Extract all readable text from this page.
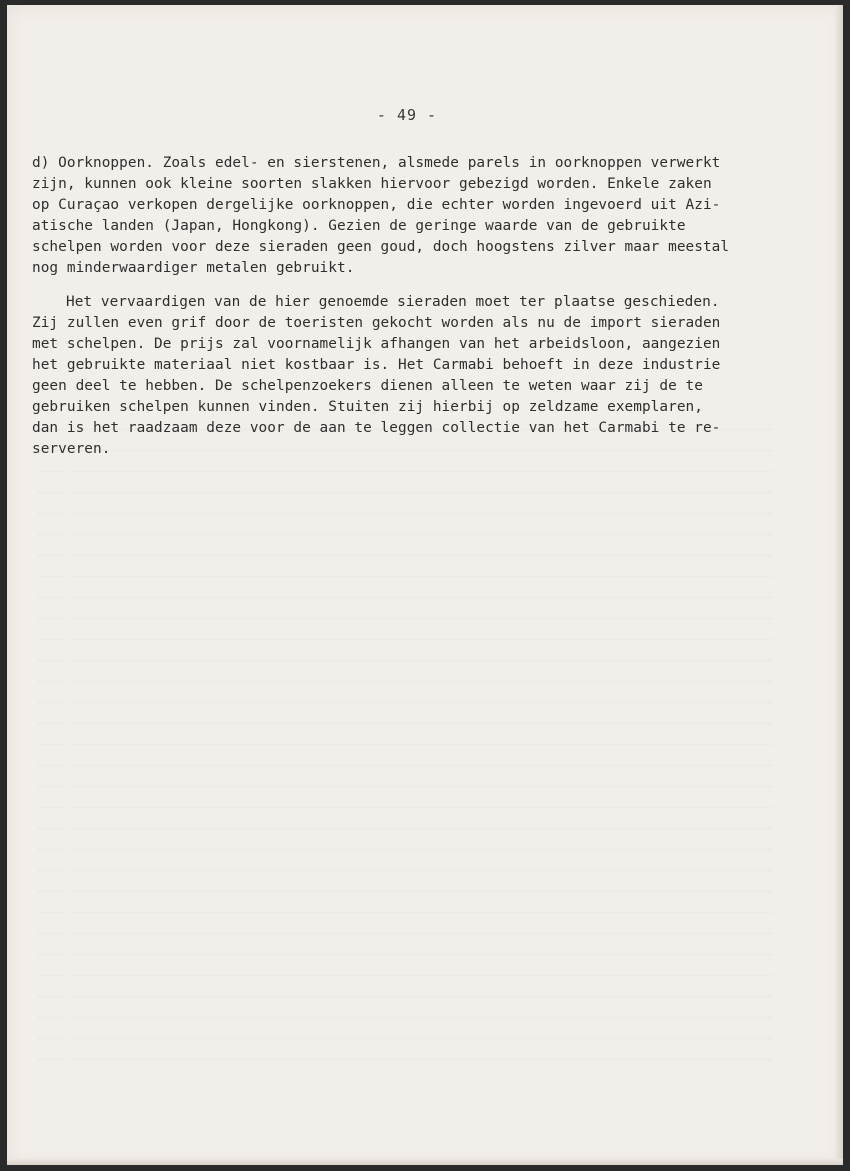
- 49 -
d) Oorknoppen. Zoals edel- en sierstenen, alsmede parels in oorknoppen verwerkt
zijn, kunnen ook kleine soorten slakken hiervoor gebezigd worden. Enkele zaken
op Curaçao verkopen dergelijke oorknoppen, die echter worden ingevoerd uit Azi-
atische landen (Japan, Hongkong). Gezien de geringe waarde van de gebruikte
schelpen worden voor deze sieraden geen goud, doch hoogstens zilver maar meestal
nog minderwaardiger metalen gebruikt.
Het vervaardigen van de hier genoemde sieraden moet ter plaatse geschieden.
Zij zullen even grif door de toeristen gekocht worden als nu de import sieraden
met schelpen. De prijs zal voornamelijk afhangen van het arbeidsloon, aangezien
het gebruikte materiaal niet kostbaar is. Het Carmabi behoeft in deze industrie
geen deel te hebben. De schelpenzoekers dienen alleen te weten waar zij de te
gebruiken schelpen kunnen vinden. Stuiten zij hierbij op zeldzame exemplaren,
dan is het raadzaam deze voor de aan te leggen collectie van het Carmabi te re-
serveren.
